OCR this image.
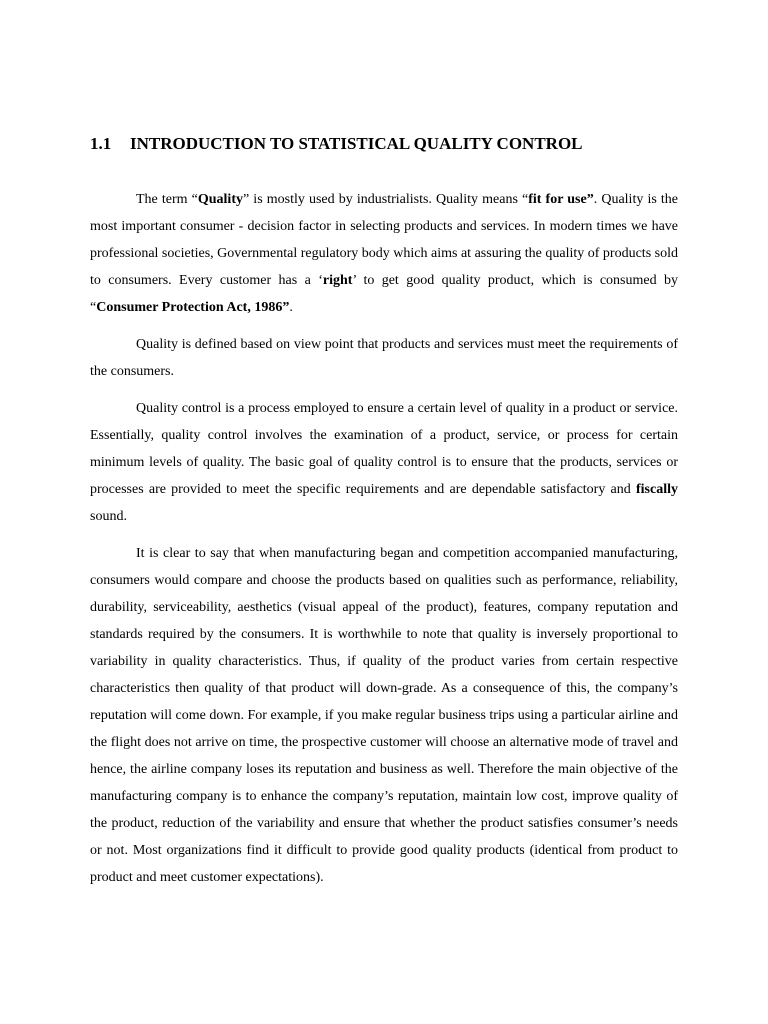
1.1 INTRODUCTION TO STATISTICAL QUALITY CONTROL

The term “Quality” is mostly used by industrialists. Quality means “fit for use”. Quality is the most important consumer - decision factor in selecting products and services. In modern times we have professional societies, Governmental regulatory body which aims at assuring the quality of products sold to consumers. Every customer has a ‘right’ to get good quality product, which is consumed by “Consumer Protection Act, 1986”.

Quality is defined based on view point that products and services must meet the requirements of the consumers.

Quality control is a process employed to ensure a certain level of quality in a product or service. Essentially, quality control involves the examination of a product, service, or process for certain minimum levels of quality. The basic goal of quality control is to ensure that the products, services or processes are provided to meet the specific requirements and are dependable satisfactory and fiscally sound.

It is clear to say that when manufacturing began and competition accompanied manufacturing, consumers would compare and choose the products based on qualities such as performance, reliability, durability, serviceability, aesthetics (visual appeal of the product), features, company reputation and standards required by the consumers. It is worthwhile to note that quality is inversely proportional to variability in quality characteristics. Thus, if quality of the product varies from certain respective characteristics then quality of that product will down-grade. As a consequence of this, the company’s reputation will come down. For example, if you make regular business trips using a particular airline and the flight does not arrive on time, the prospective customer will choose an alternative mode of travel and hence, the airline company loses its reputation and business as well. Therefore the main objective of the manufacturing company is to enhance the company’s reputation, maintain low cost, improve quality of the product, reduction of the variability and ensure that whether the product satisfies consumer’s needs or not. Most organizations find it difficult to provide good quality products (identical from product to product and meet customer expectations).
